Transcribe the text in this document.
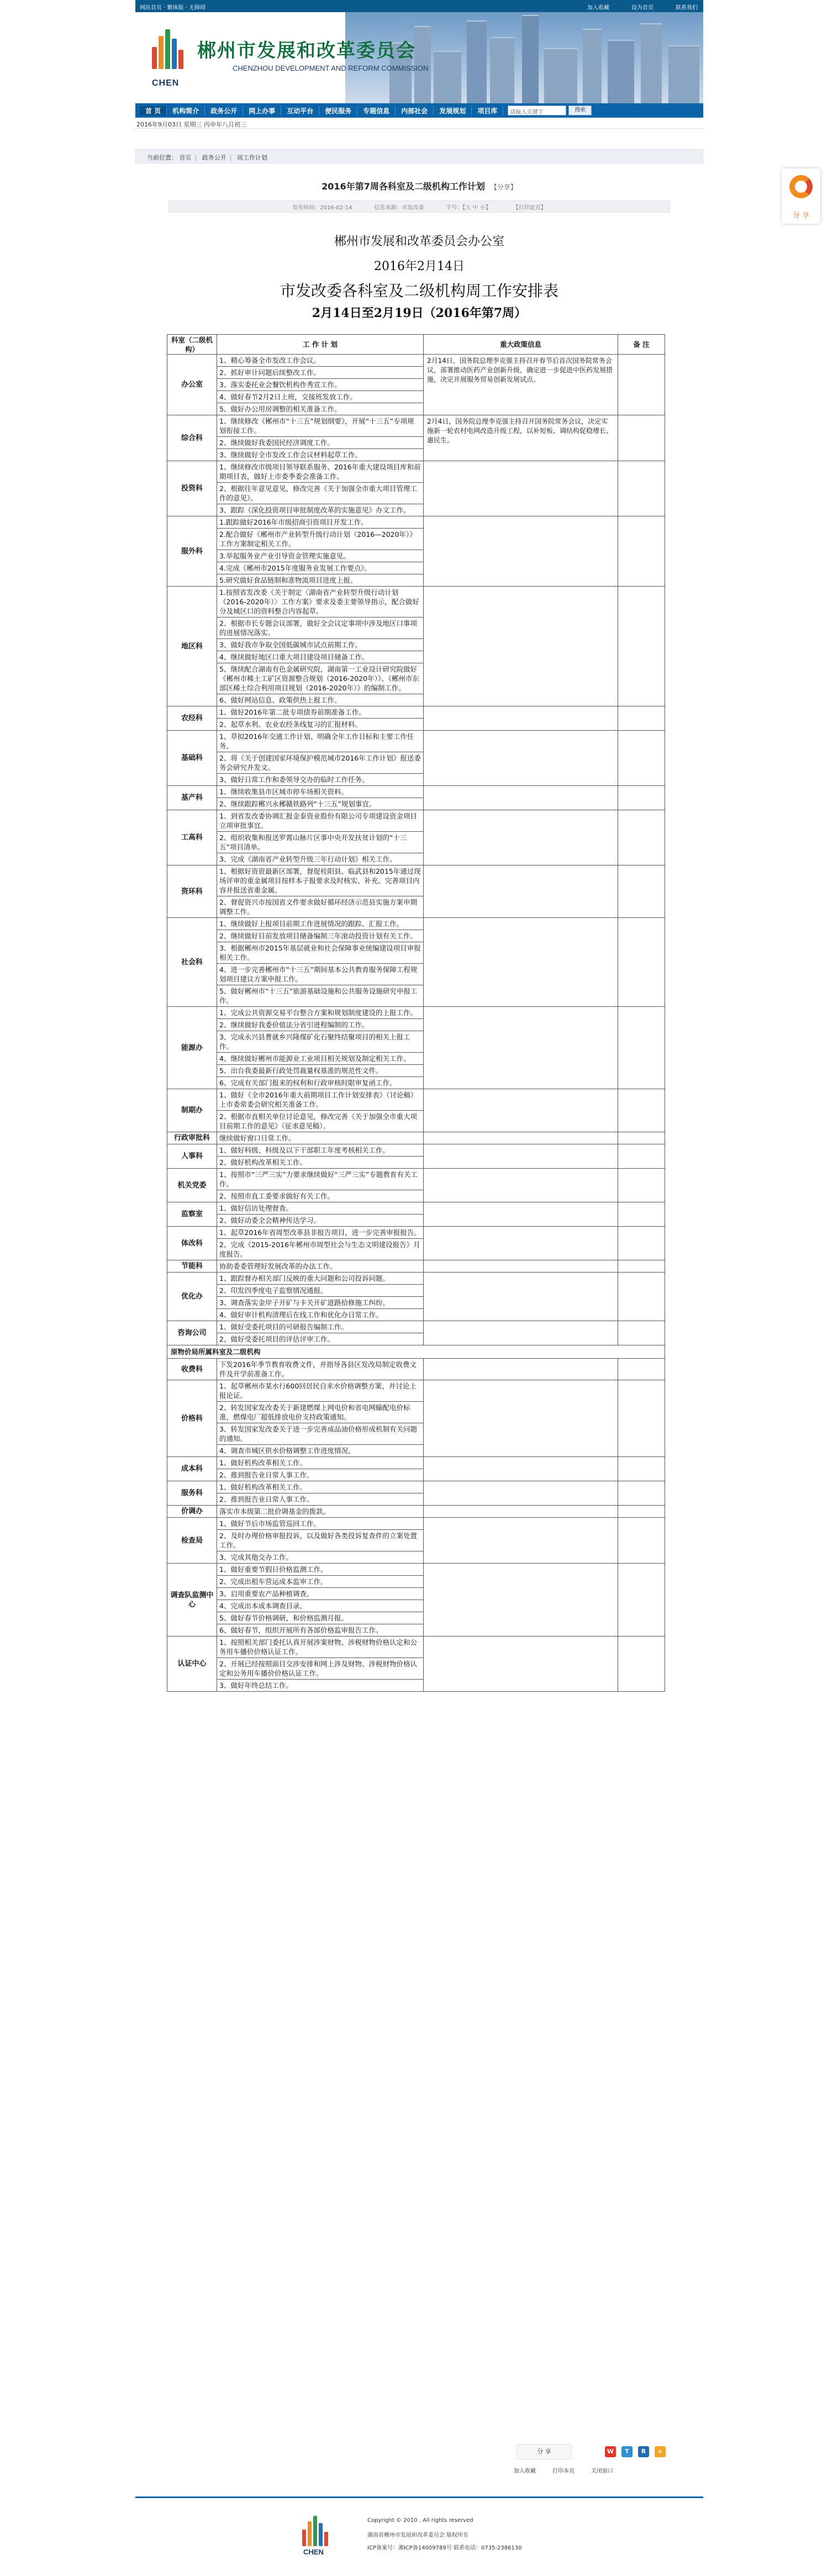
网站首页 · 繁体版 · 无障碍	加入收藏	设为首页	联系我们
CHEN
郴州市发展和改革委员会
CHENZHOU DEVELOPMENT AND REFORM COMMISSION
首 页	机构简介	政务公开	网上办事	互动平台	便民服务	专题信息	内部社会	发展规划	项目库	请输入关键字	搜索
2016年9月03日 星期三 丙申年八月初三
当前位置： 首页 | 政务公开 | 周工作计划
分 享
2016年第7周各科室及二级机构工作计划 【分享】
发布时间：2016-02-14	信息来源：市发改委	字号：【大 中 小】	【打印此页】
郴州市发展和改革委员会办公室
2016年2月14日
市发改委各科室及二级机构周工作安排表
2月14日至2月19日（2016年第7周）
科室（二级机构）	工 作 计 划	重大政策信息	备 注
办公室	1、精心筹备全市发改工作会议。	2月14日，国务院总理李克强主持召开春节后首次国务院常务会议，部署推动医药产业创新升级，确定进一步促进中医药发展措施，决定开展服务贸易创新发展试点。	
	2、抓好审计问题后续整改工作。		
	3、落实委托业会餐饮机构作秀宣工作。		
	4、做好春节2月2日上班，交接班发放工作。		
	5、做好办公用房调整的相关准备工作。		
综合科	1、继续修改《郴州市“十三五”规划纲要》，开展“十三五”专项规划衔接工作。	2月4日，国务院总理李克强主持召开国务院常务会议，决定实施新一轮农村电网改造升级工程，以补短板、调结构促稳增长、惠民生。	
	2、继续做好我委国民经济调度工作。		
	3、继续做好全市发改工作会议材料起草工作。		
投资科	1、继续修改市级项目领导联系服务、2016年重大建设项目库和前期项目表，做好上市委季委会准备工作。		
	2、根据往年意见意见，修改完善《关于加强全市重大项目管理工作的意见》。		
	3、跟踪《深化投资项目审批制度改革的实施意见》办文工作。		
服外科	1.跟踪做好2016年市级招商引资项目开发工作。		
	2.配合做好《郴州市产业转型升级行动计划（2016—2020年）》工作方案制定相关工作。		
	3.举起服务业产业引导资金管理实施意见。		
	4.完成《郴州市2015年度服务业发展工作要点》。		
	5.研究做好食品链制和准物流项目进度上报。		
地区科	1.按照省发改委《关于制定〈湖南省产业转型升级行动计划（2016-2020年）〉工作方案》要求及委主要领导指示，配合做好分及城区口的资料整合内容起草。		
	2、根据市长专题会议部署，做好全会议定事项中涉及地区口事项的进展情况落实。		
	3、做好我市争取全国低碳城市试点前期工作。		
	4、继续做好地区口重大项目建设项目储备工作。		
	5、继续配合湖南有色金属研究院，湖南第一工业设计研究院做好《郴州市稀土工矿区资源整合规划（2016-2020年）》、《郴州市东部区稀土综合利用项目规划（2016-2020年）》的编制工作。		
	6、做好网站信息、政策供热上报工作。		
农经科	1、做好2016年第二批专项债券前期准备工作。		
	2、起草水利、农业农经条线复习的汇报材料。		
基础科	1、草拟2016年交通工作计划、明确全年工作目标和主要工作任务。		
	2、将《关于创建国家环境保护模范城市2016年工作计划》报送委务会研究并发文。		
	3、做好日常工作和委领导交办的临时工作任务。		
基产科	1、继续收集县市区城市停车场相关资料。		
	2、继续跟踪郴兴永郴赣铁路列“十三五”规划事宜。		
工高科	1、到省发改委协调汇报金泰资业股份有限公司专项建设资金项目立项审批事宜。		
	2、组织收集和报送罗霄山脉片区事中央开发扶贫计划的“十三五”项目清单。		
	3、完成《湖南省产业转型升级三年行动计划》相关工作。		
资环科	1、根据好资资最新区部署，督促桂阳县、临武县和2015年通过现场评审的重金属项目按样本子报要求及时核实、补充、完善项目内容并报送省重金属。		
	2、督促资兴市按国省文件要求做好循环经济示范县实施方案申期调整工作。		
社会科	1、继续做好上报项目前期工作进展情况的跟踪、汇报工作。		
	2、继续做好目前发放项目储备编制三年滚动投资计划有关工作。		
	3、根据郴州市2015年基层就业和社会保障事业统编建设项目审报相关工作。		
	4、进一步完善郴州市“十三五”期间基本公共教育服务保障工程规划项目建议方案申报工作。		
	5、做好郴州市“十三五”旅游基础设施和公共服务设施研究申报工作。		
能源办	1、完成公共资源交易平台整合方案和规划制度建设的上报工作。		
	2、继续做好我委价值法分省引进程编制的工作。		
	3、完成永兴县曹就乡兴隆煤矿化石聚终结聚项目的相关上报工作。		
	4、继续做好郴州市能源业工业项目相关规划及制定相关工作。		
	5、出台我委最新行政处罚裁量权基准的规范性文件。		
	6、完成有关部门报来的权利和行政审核时限审复函工作。		
制期办	1、做好《全市2016年重大前期项目工作计划安排表》（讨论稿）上市委常委会研究相关准备工作。		
	2、根据市直相关单位讨论意见，修改完善《关于加强全市重大项目前期工作的意见》（征求意见稿）。		
行政审批科	继续做好窗口日常工作。		
人事科	1、做好科级、科级及以下干部职工年度考核相关工作。		
	2、做好机构改革相关工作。		
机关党委	1、按照市“三严三实”力要求继续做好“三严三实”专题教育有关工作。		
	2、按照市直工委要求做好有关工作。		
监察室	1、做好信访处理督查。		
	2、做好动委全会精神传达学习。		
体改科	1、起草2016年省周型改革县非报告项目，进一步完善审报报告。		
	2、完成《2015-2016年郴州市周型社会与生态文明建设报告》月度报告。		
节能科	协助委委管理好发展改革的办法工作。		
优化办	1、跟踪督办相关部门反映的重大问题和公司投诉问题。		
	2、印发四季度电子监察情况通报。		
	3、调查落实金岸子开矿与卡关开矿道路拾修施工纠纷。		
	4、做好审计机构清理后在线工作和优化办日常工作。		
咨询公司	1、做好受委托项目的可研报告编制工作。		
	2、做好受委托项目的评估评审工作。		
原物价局所属科室及二级机构			
收费科	下发2016年季节教育收费文件，并指导各县区发改局制定收费文件及开学前准备工作。		
价格科	1、起草郴州市某水行600回居民自来水价格调整方案，并讨论上报论证。		
	2、转发国家发改委关于新建燃煤上网电价和省电网输配电价标准，燃煤电厂超低排放电价支持政策通知。		
	3、转发国家发改委关于进一步完善成品油价格形成机制有关问题的通知。		
	4、调查市城区供水价格调整工作进度情况。		
成本科	1、做好机构改革相关工作。		
	2、推到报告业日常人事工作。		
服务科	1、做好机构改革相关工作。		
	2、推到报告业日常人事工作。		
价调办	落实市本级第二批价调基金的拨款。		
检查局	1、做好节后市场监管巡回工作。		
	2、及时办理价格审报投诉，以及做好各类投诉复查件的立案处置工作。		
	3、完成其他交办工作。		
调查队监测中心	1、做好重要节假日价格监测工作。		
	2、完成出租车营运成本监审工作。		
	3、启用重要农产品种植调查。		
	4、完成出本成本调查目录。		
	5、做好春节价格调研，和价格监测月报。		
	6、做好春节，组织开展所有各部价格监审报告工作。		
认证中心	1、按照相关部门委托认真开展涉案财物、涉税财物价格认定和公务用车播价价格认证工作。		
	2、开展已经按照面目交涉安排和网上涉及财物、涉税财物价格认定和公务用车播价价格认证工作。		
	3、做好年终总结工作。		
分 享	W	T	R	+
加入收藏	打印本页	关闭窗口
CHEN
Copyright © 2010 . All rights reserved
湖南省郴州市发展和改革委员会 版权所有
ICP备案号：湘ICP备14009789号 联系电话：0735-2386130
